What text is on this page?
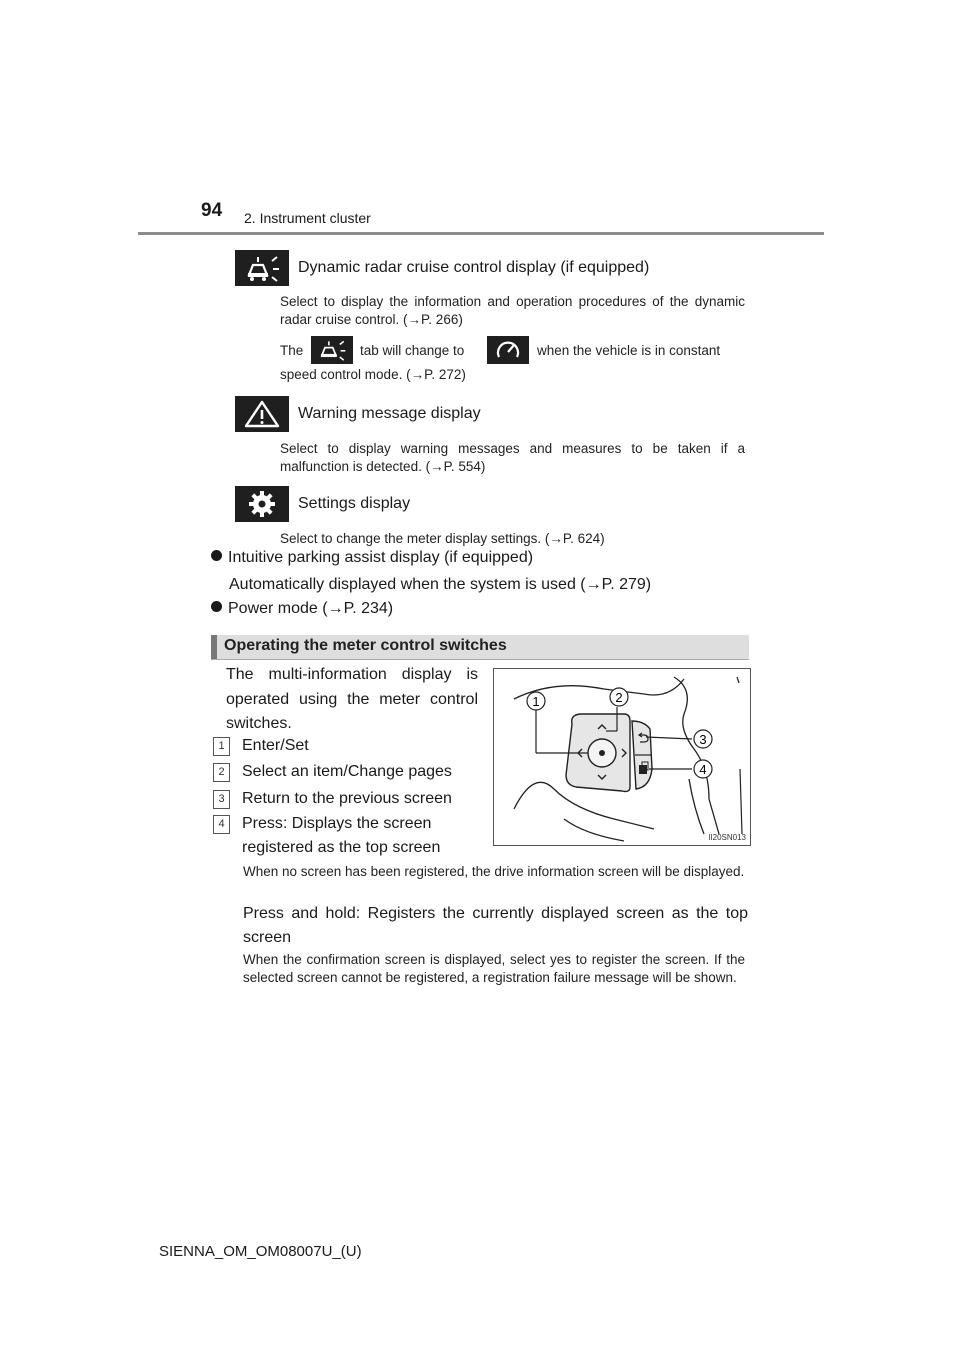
94 2. Instrument cluster
Dynamic radar cruise control display (if equipped)
Select to display the information and operation procedures of the dynamic radar cruise control. (→P. 266)
The	tab will change to	when the vehicle is in constant
speed control mode. (→P. 272)
Warning message display
Select to display warning messages and measures to be taken if a malfunction is detected. (→P. 554)
Settings display
Select to change the meter display settings. (→P. 624)
Intuitive parking assist display (if equipped)
Automatically displayed when the system is used (→P. 279)
Power mode (→P. 234)
Operating the meter control switches
The multi-information display is operated using the meter control switches.
1	Enter/Set
2	Select an item/Change pages
3	Return to the previous screen
4	Press: Displays the screen registered as the top screen
1	2
3
4
II20SN013
When no screen has been registered, the drive information screen will be displayed.
Press and hold: Registers the currently displayed screen as the top screen
When the confirmation screen is displayed, select yes to register the screen. If the selected screen cannot be registered, a registration failure message will be shown.
SIENNA_OM_OM08007U_(U)
